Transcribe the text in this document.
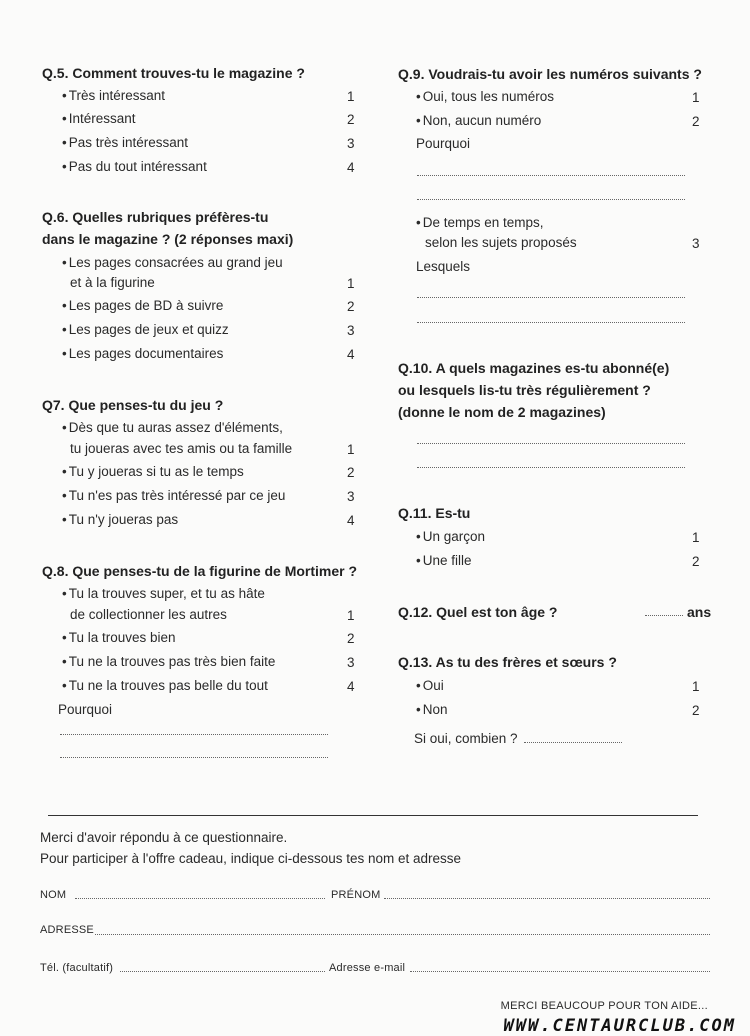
Q.5. Comment trouves-tu le magazine ?
• Très intéressant	1
• Intéressant	2
• Pas très intéressant	3
• Pas du tout intéressant	4
Q.6. Quelles rubriques préfères-tu
dans le magazine ? (2 réponses maxi)
• Les pages consacrées au grand jeu
et à la figurine	1
• Les pages de BD à suivre	2
• Les pages de jeux et quizz	3
• Les pages documentaires	4
Q7. Que penses-tu du jeu ?
• Dès que tu auras assez d'éléments,
tu joueras avec tes amis ou ta famille	1
• Tu y joueras si tu as le temps	2
• Tu n'es pas très intéressé par ce jeu	3
• Tu n'y joueras pas	4
Q.8. Que penses-tu de la figurine de Mortimer ?
• Tu la trouves super, et tu as hâte
de collectionner les autres	1
• Tu la trouves bien	2
• Tu ne la trouves pas très bien faite	3
• Tu ne la trouves pas belle du tout	4
Pourquoi
Q.9. Voudrais-tu avoir les numéros suivants ?
• Oui, tous les numéros	1
• Non, aucun numéro	2
Pourquoi
• De temps en temps,
selon les sujets proposés	3
Lesquels
Q.10. A quels magazines es-tu abonné(e)
ou lesquels lis-tu très régulièrement ?
(donne le nom de 2 magazines)
Q.11. Es-tu
• Un garçon	1
• Une fille	2
Q.12. Quel est ton âge ?	ans
Q.13. As tu des frères et sœurs ?
• Oui	1
• Non	2
Si oui, combien ?
Merci d'avoir répondu à ce questionnaire.
Pour participer à l'offre cadeau, indique ci-dessous tes nom et adresse
NOM	PRÉNOM
ADRESSE
Tél. (facultatif)	Adresse e-mail
MERCI BEAUCOUP POUR TON AIDE...
WWW.CENTAURCLUB.COM
